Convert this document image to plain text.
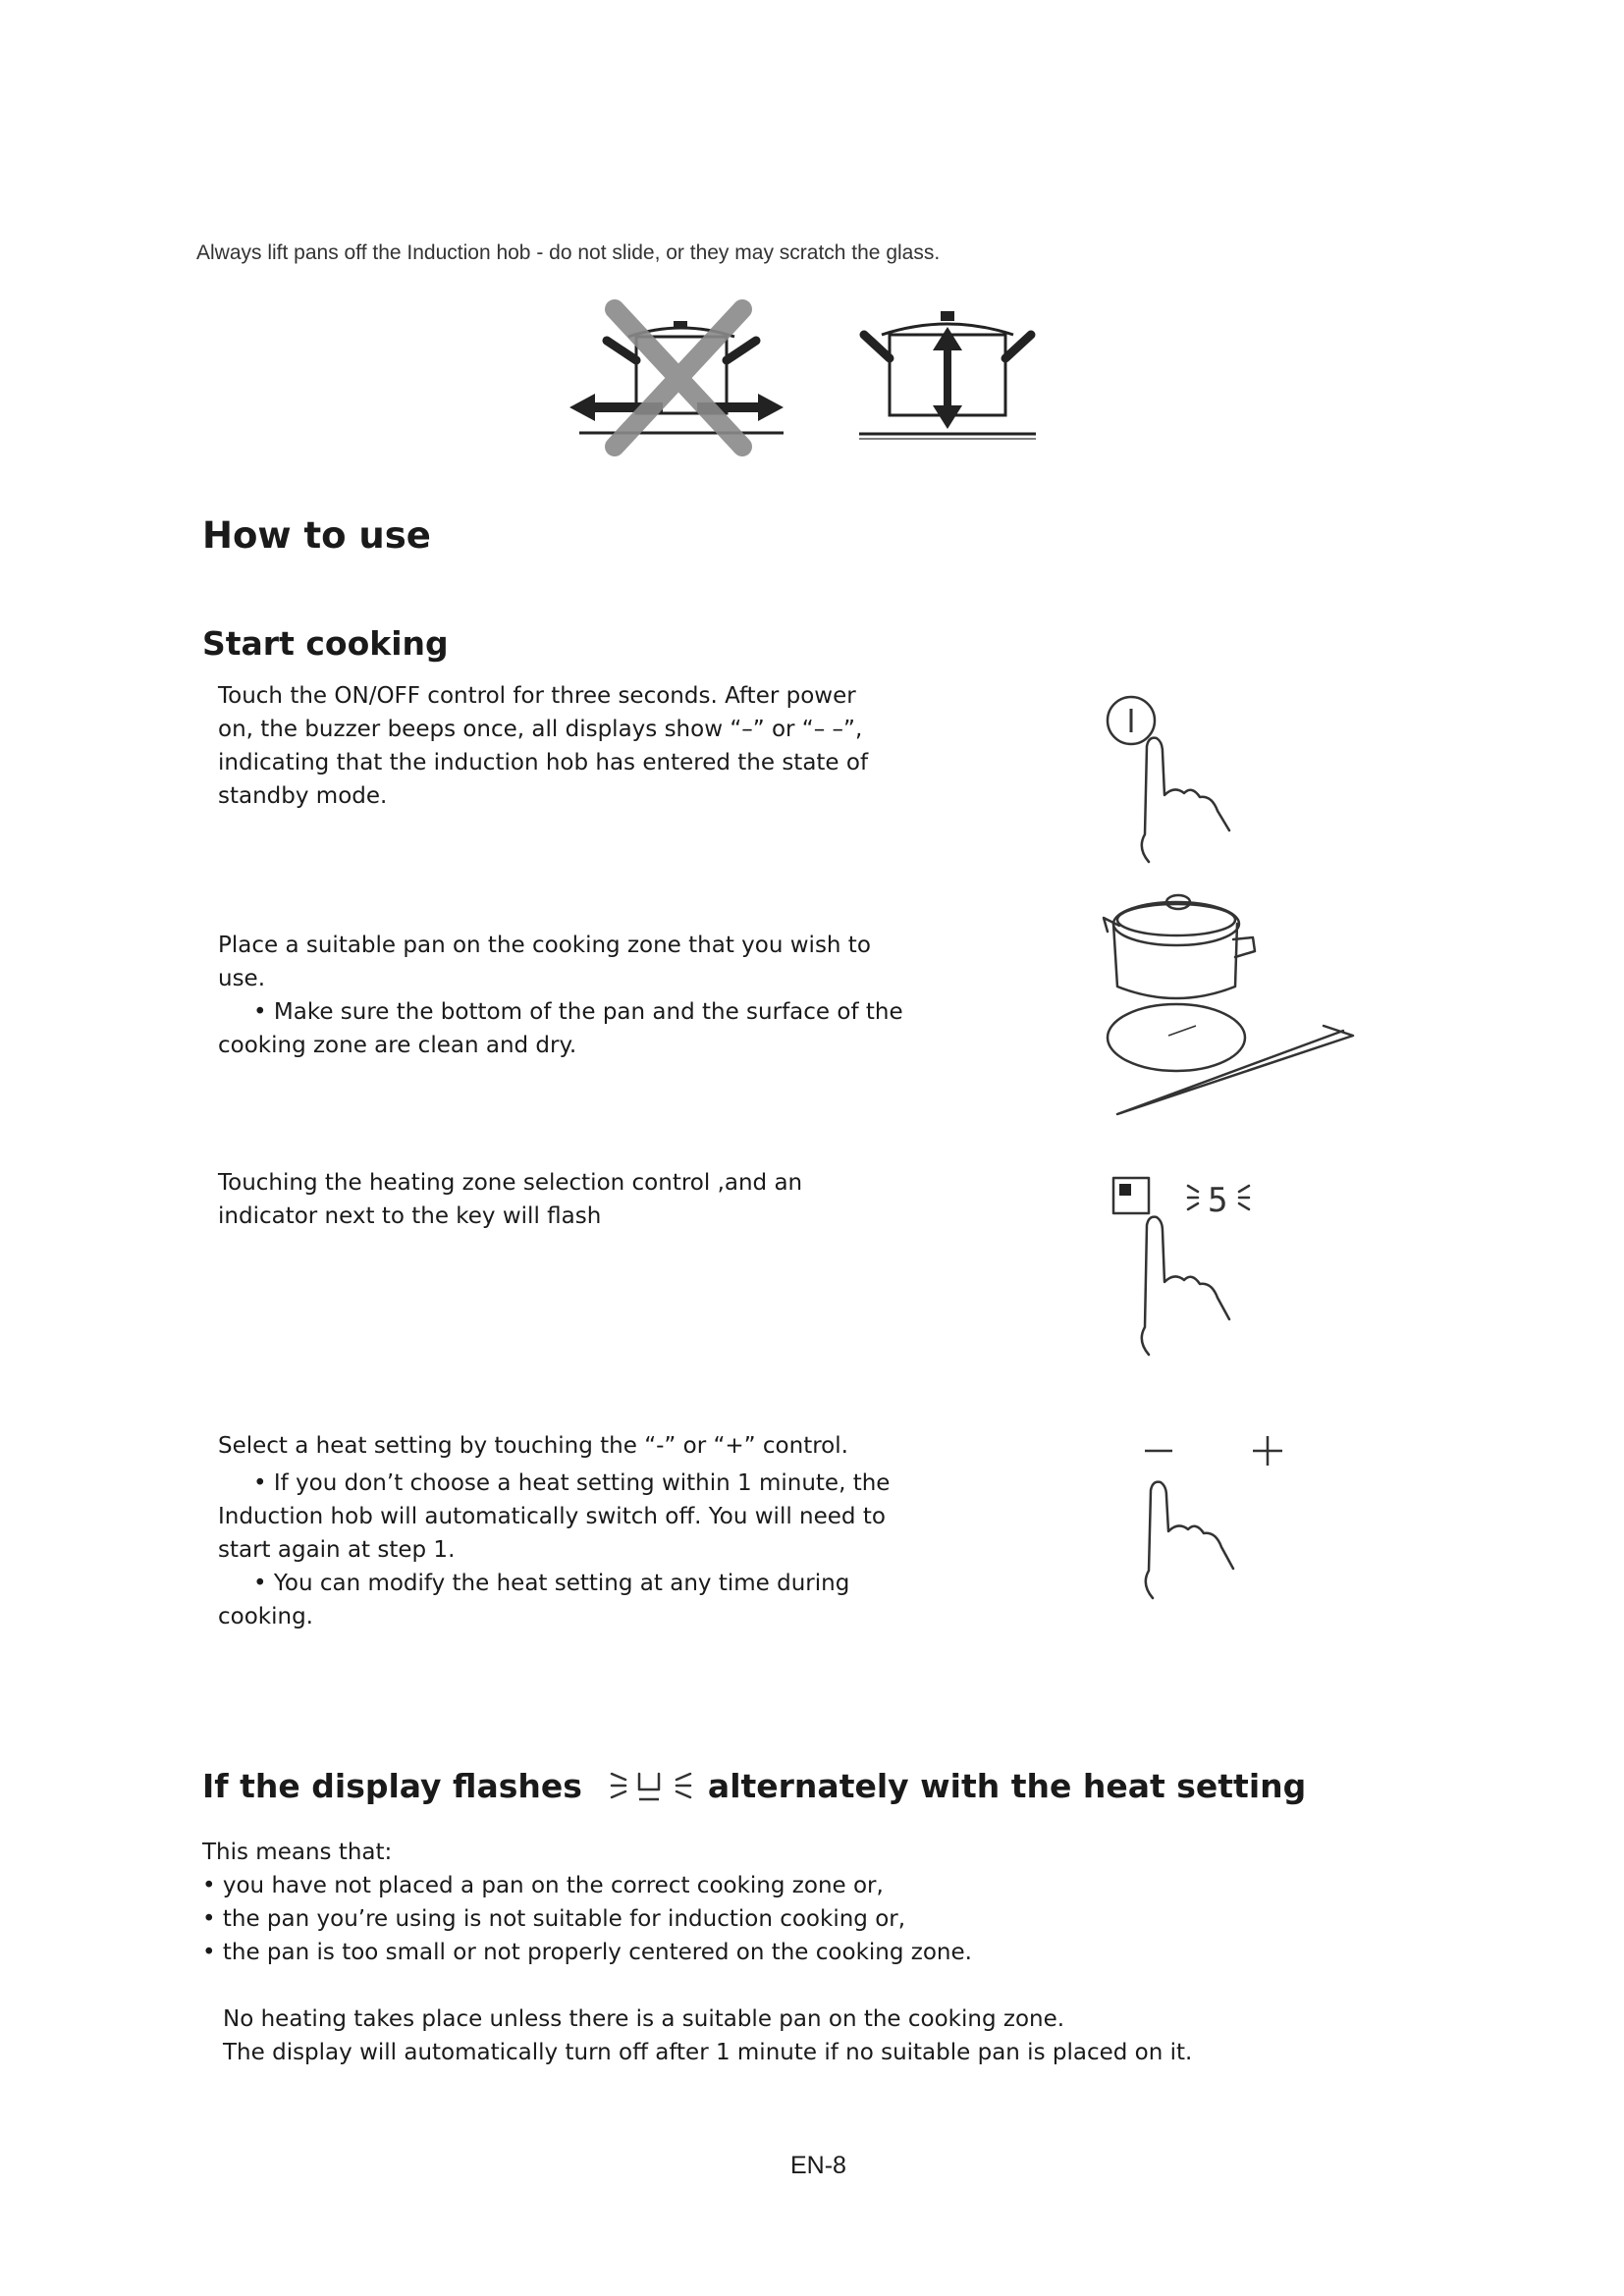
Always lift pans off the Induction hob - do not slide, or they may scratch the glass.
How to use
Start cooking

Touch the ON/OFF control for three seconds. After power

on, the buzzer beeps once, all displays show “–” or “– –”,

indicating that the induction hob has entered the state of

standby mode.

Place a suitable pan on the cooking zone that you wish to

use.

• Make sure the bottom of the pan and the surface of the

cooking zone are clean and dry.

Touching the heating zone selection control ,and an

indicator next to the key will flash	5

Select a heat setting by touching the “-” or “+” control.

• If you don’t choose a heat setting within 1 minute, the

Induction hob will automatically switch off. You will need to

start again at step 1.

• You can modify the heat setting at any time during

cooking.

If the display flashes	alternately with the heat setting

This means that:

• you have not placed a pan on the correct cooking zone or,

• the pan you’re using is not suitable for induction cooking or,

• the pan is too small or not properly centered on the cooking zone.

No heating takes place unless there is a suitable pan on the cooking zone.

The display will automatically turn off after 1 minute if no suitable pan is placed on it.

EN-8
